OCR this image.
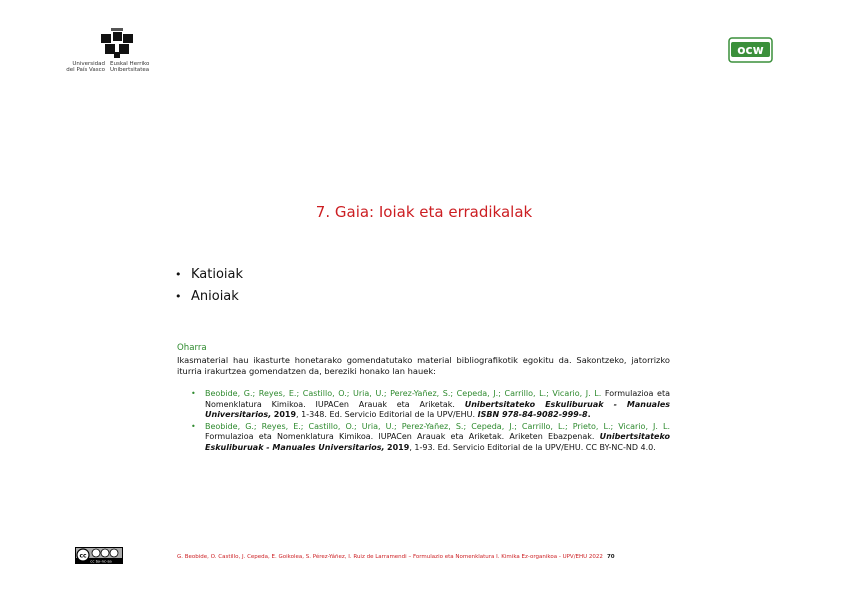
Universidad
del País Vasco
Euskal Herriko
Unibertsitatea
ocw
7. Gaia: Ioiak eta erradikalak
• Katioiak
• Anioiak
Oharra
Ikasmaterial hau ikasturte honetarako gomendatutako material bibliografikotik egokitu da. Sakontzeko, jatorrizko iturria irakurtzea gomendatzen da, bereziki honako lan hauek:
• Beobide, G.; Reyes, E.; Castillo, O.; Uria, U.; Perez-Yañez, S.; Cepeda, J.; Carrillo, L.; Vicario, J. L. Formulazioa eta Nomenklatura Kimikoa. IUPACen Arauak eta Ariketak. Unibertsitateko Eskuliburuak - Manuales Universitarios, 2019, 1-348. Ed. Servicio Editorial de la UPV/EHU. ISBN 978-84-9082-999-8.
• Beobide, G.; Reyes, E.; Castillo, O.; Uria, U.; Perez-Yañez, S.; Cepeda, J.; Carrillo, L.; Prieto, L.; Vicario, J. L. Formulazioa eta Nomenklatura Kimikoa. IUPACen Arauak eta Ariketak. Ariketen Ebazpenak. Unibertsitateko Eskuliburuak - Manuales Universitarios, 2019, 1-93. Ed. Servicio Editorial de la UPV/EHU. CC BY-NC-ND 4.0.
cc
cc by-nc-sa
G. Beobide, O. Castillo, J. Cepeda, E. Goikolea, S. Pérez-Yáñez, I. Ruiz de Larramendi – Formulazio eta Nomenklatura I. Kimika Ez-organikoa - UPV/EHU 2022 70
